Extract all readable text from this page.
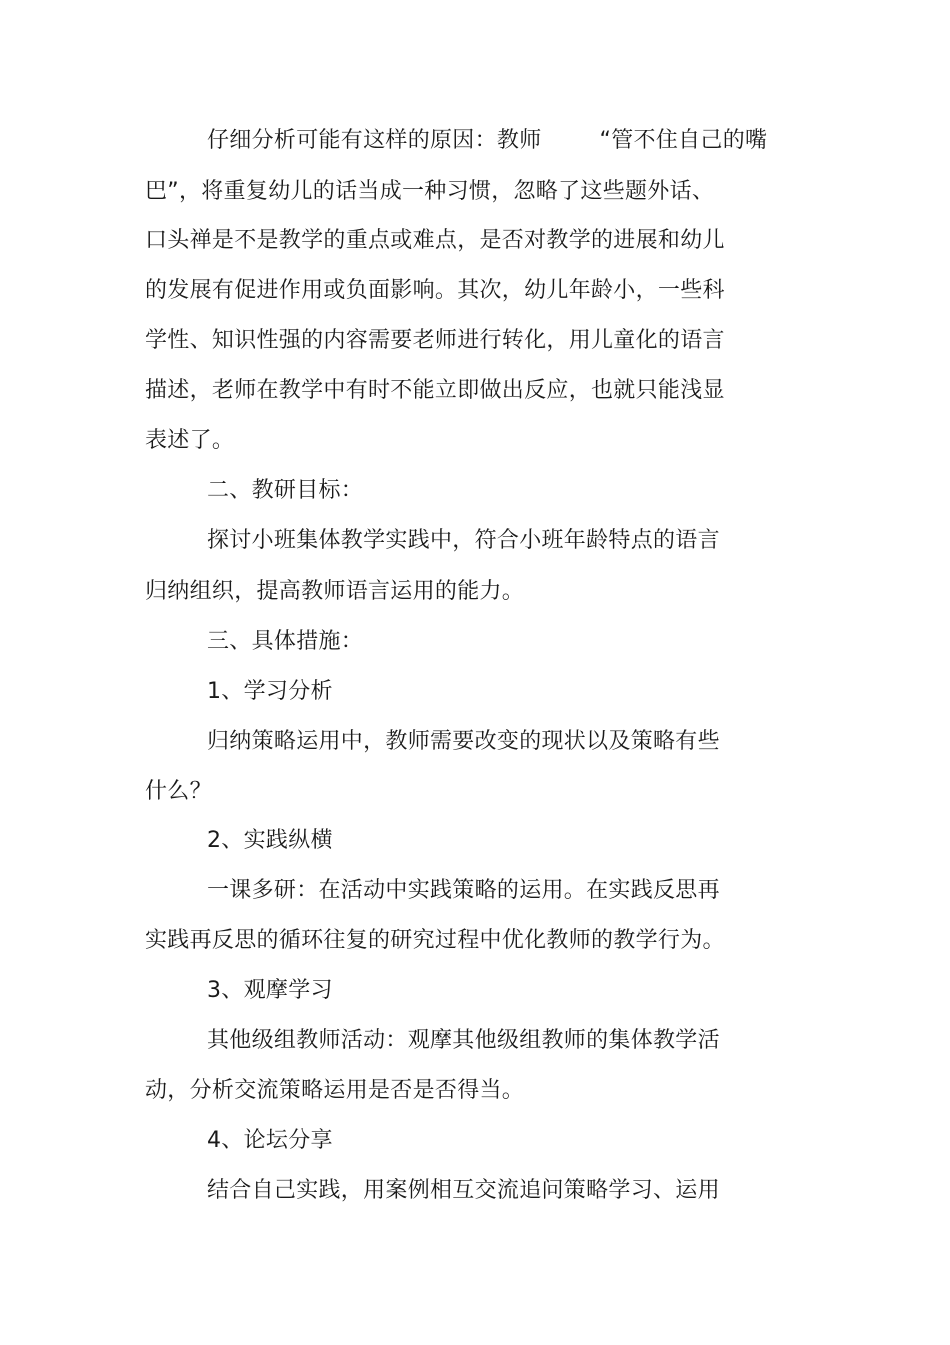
仔细分析可能有这样的原因：教师	“管不住自己的嘴
巴”，将重复幼儿的话当成一种习惯，忽略了这些题外话、
口头禅是不是教学的重点或难点，是否对教学的进展和幼儿
的发展有促进作用或负面影响。其次，幼儿年龄小，一些科
学性、知识性强的内容需要老师进行转化，用儿童化的语言
描述，老师在教学中有时不能立即做出反应，也就只能浅显
表述了。
二、教研目标：
探讨小班集体教学实践中，符合小班年龄特点的语言
归纳组织，提高教师语言运用的能力。
三、具体措施：
1、学习分析
归纳策略运用中，教师需要改变的现状以及策略有些
什么？
2、实践纵横
一课多研：在活动中实践策略的运用。在实践反思再
实践再反思的循环往复的研究过程中优化教师的教学行为。
3、观摩学习
其他级组教师活动：观摩其他级组教师的集体教学活
动，分析交流策略运用是否是否得当。
4、论坛分享
结合自己实践，用案例相互交流追问策略学习、运用
